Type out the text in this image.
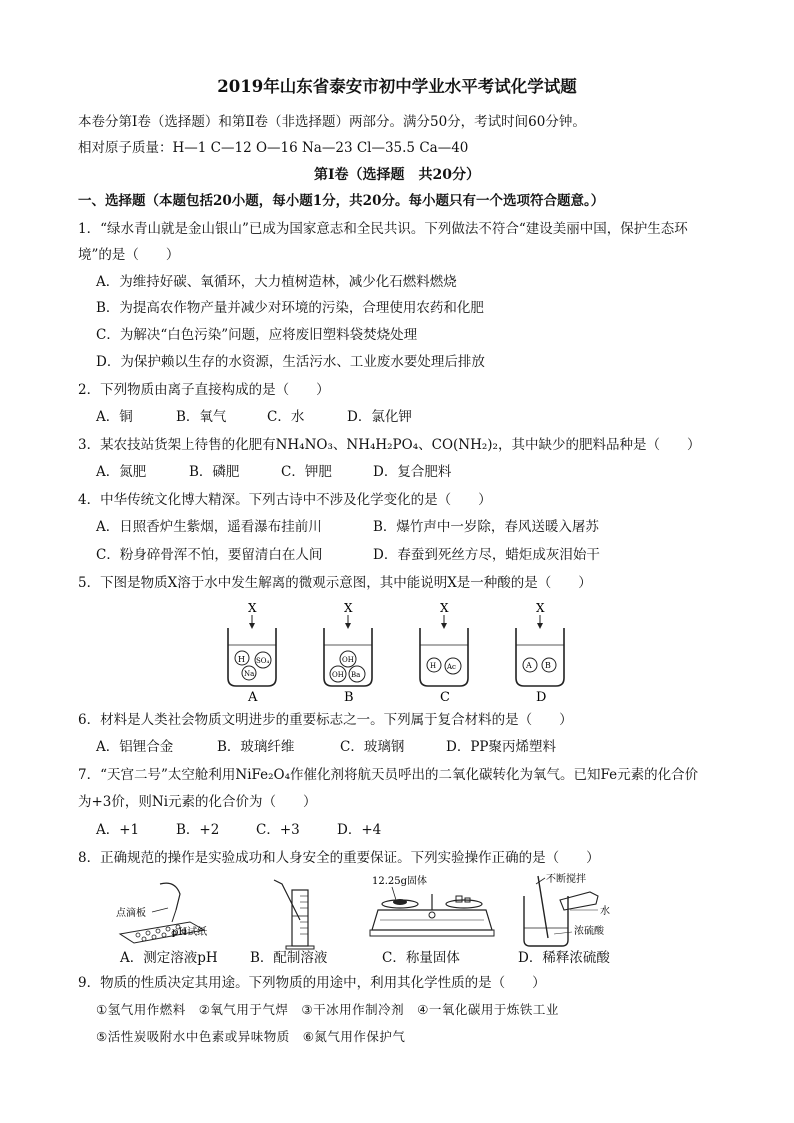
2019年山东省泰安市初中学业水平考试化学试题
本卷分第Ⅰ卷（选择题）和第Ⅱ卷（非选择题）两部分。满分50分，考试时间60分钟。
相对原子质量：H—1 C—12 O—16 Na—23 Cl—35.5 Ca—40
第Ⅰ卷（选择题　共20分）
一、选择题（本题包括20小题，每小题1分，共20分。每小题只有一个选项符合题意。）
1．“绿水青山就是金山银山”已成为国家意志和全民共识。下列做法不符合“建设美丽中国，保护生态环
境”的是（　　）
A．为维持好碳、氧循环，大力植树造林，减少化石燃料燃烧
B．为提高农作物产量并减少对环境的污染，合理使用农药和化肥
C．为解决“白色污染”问题，应将废旧塑料袋焚烧处理
D．为保护赖以生存的水资源，生活污水、工业废水要处理后排放
2．下列物质由离子直接构成的是（　　）
A．铜	B．氧气	C．水	D．氯化钾
3．某农技站货架上待售的化肥有NH₄NO₃、NH₄H₂PO₄、CO(NH₂)₂，其中缺少的肥料品种是（　　）
A．氮肥	B．磷肥	C．钾肥	D．复合肥料
4．中华传统文化博大精深。下列古诗中不涉及化学变化的是（　　）
A．日照香炉生紫烟，遥看瀑布挂前川	B．爆竹声中一岁除，春风送暖入屠苏
C．粉身碎骨浑不怕，要留清白在人间	D．春蚕到死丝方尽，蜡炬成灰泪始干
5．下图是物质X溶于水中发生解离的微观示意图，其中能说明X是一种酸的是（　　）
X
H SO₄
Na
A
X
OH
OH Ba
B
X
H Ac
C
X
A B
D
6．材料是人类社会物质文明进步的重要标志之一。下列属于复合材料的是（　　）
A．铝锂合金	B．玻璃纤维	C．玻璃钢	D．PP聚丙烯塑料
7．“天宫二号”太空舱利用NiFe₂O₄作催化剂将航天员呼出的二氧化碳转化为氧气。已知Fe元素的化合价
为+3价，则Ni元素的化合价为（　　）
A．+1	B．+2	C．+3	D．+4
8．正确规范的操作是实验成功和人身安全的重要保证。下列实验操作正确的是（　　）
点滴板
pH试纸
12.25g固体	不断搅拌
水
浓硫酸
A．测定溶液pH B．配制溶液	C．称量固体	D．稀释浓硫酸
9．物质的性质决定其用途。下列物质的用途中，利用其化学性质的是（　　）
①氢气用作燃料　②氧气用于气焊　③干冰用作制冷剂　④一氧化碳用于炼铁工业
⑤活性炭吸附水中色素或异味物质　⑥氮气用作保护气
